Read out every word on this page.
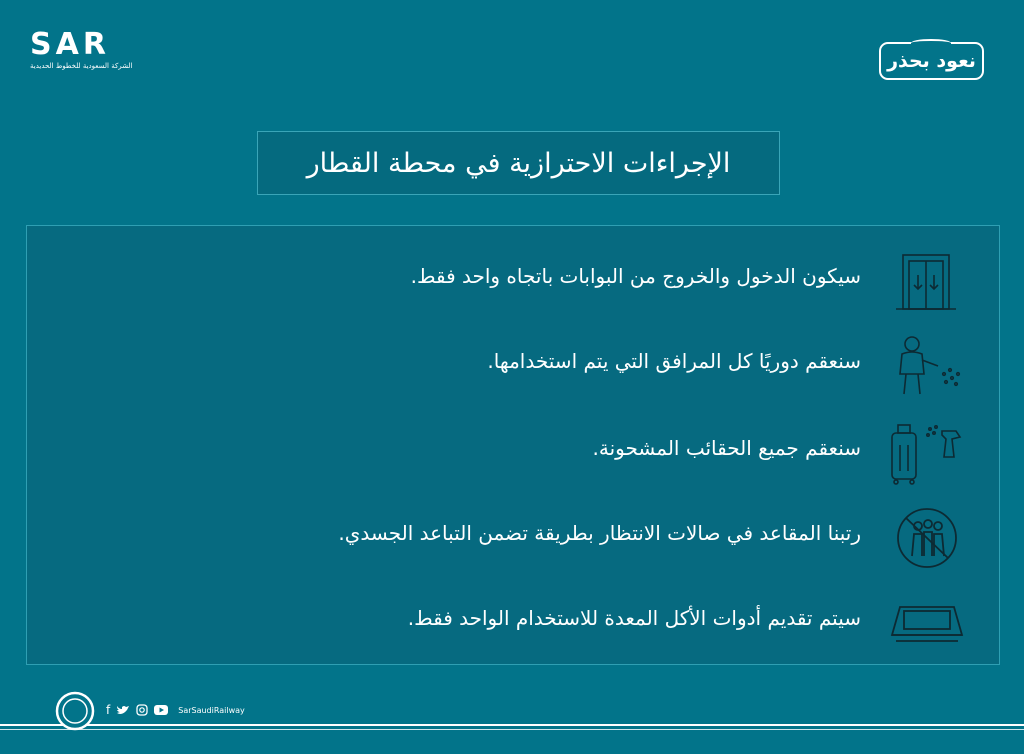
SAR
الشركة السعودية للخطوط الحديدية	نعود بحذر
الإجراءات الاحترازية في محطة القطار
سيكون الدخول والخروج من البوابات باتجاه واحد فقط.
سنعقم دوريًا كل المرافق التي يتم استخدامها.
سنعقم جميع الحقائب المشحونة.
رتبنا المقاعد في صالات الانتظار بطريقة تضمن التباعد الجسدي.
سيتم تقديم أدوات الأكل المعدة للاستخدام الواحد فقط.
f	SarSaudiRailway
